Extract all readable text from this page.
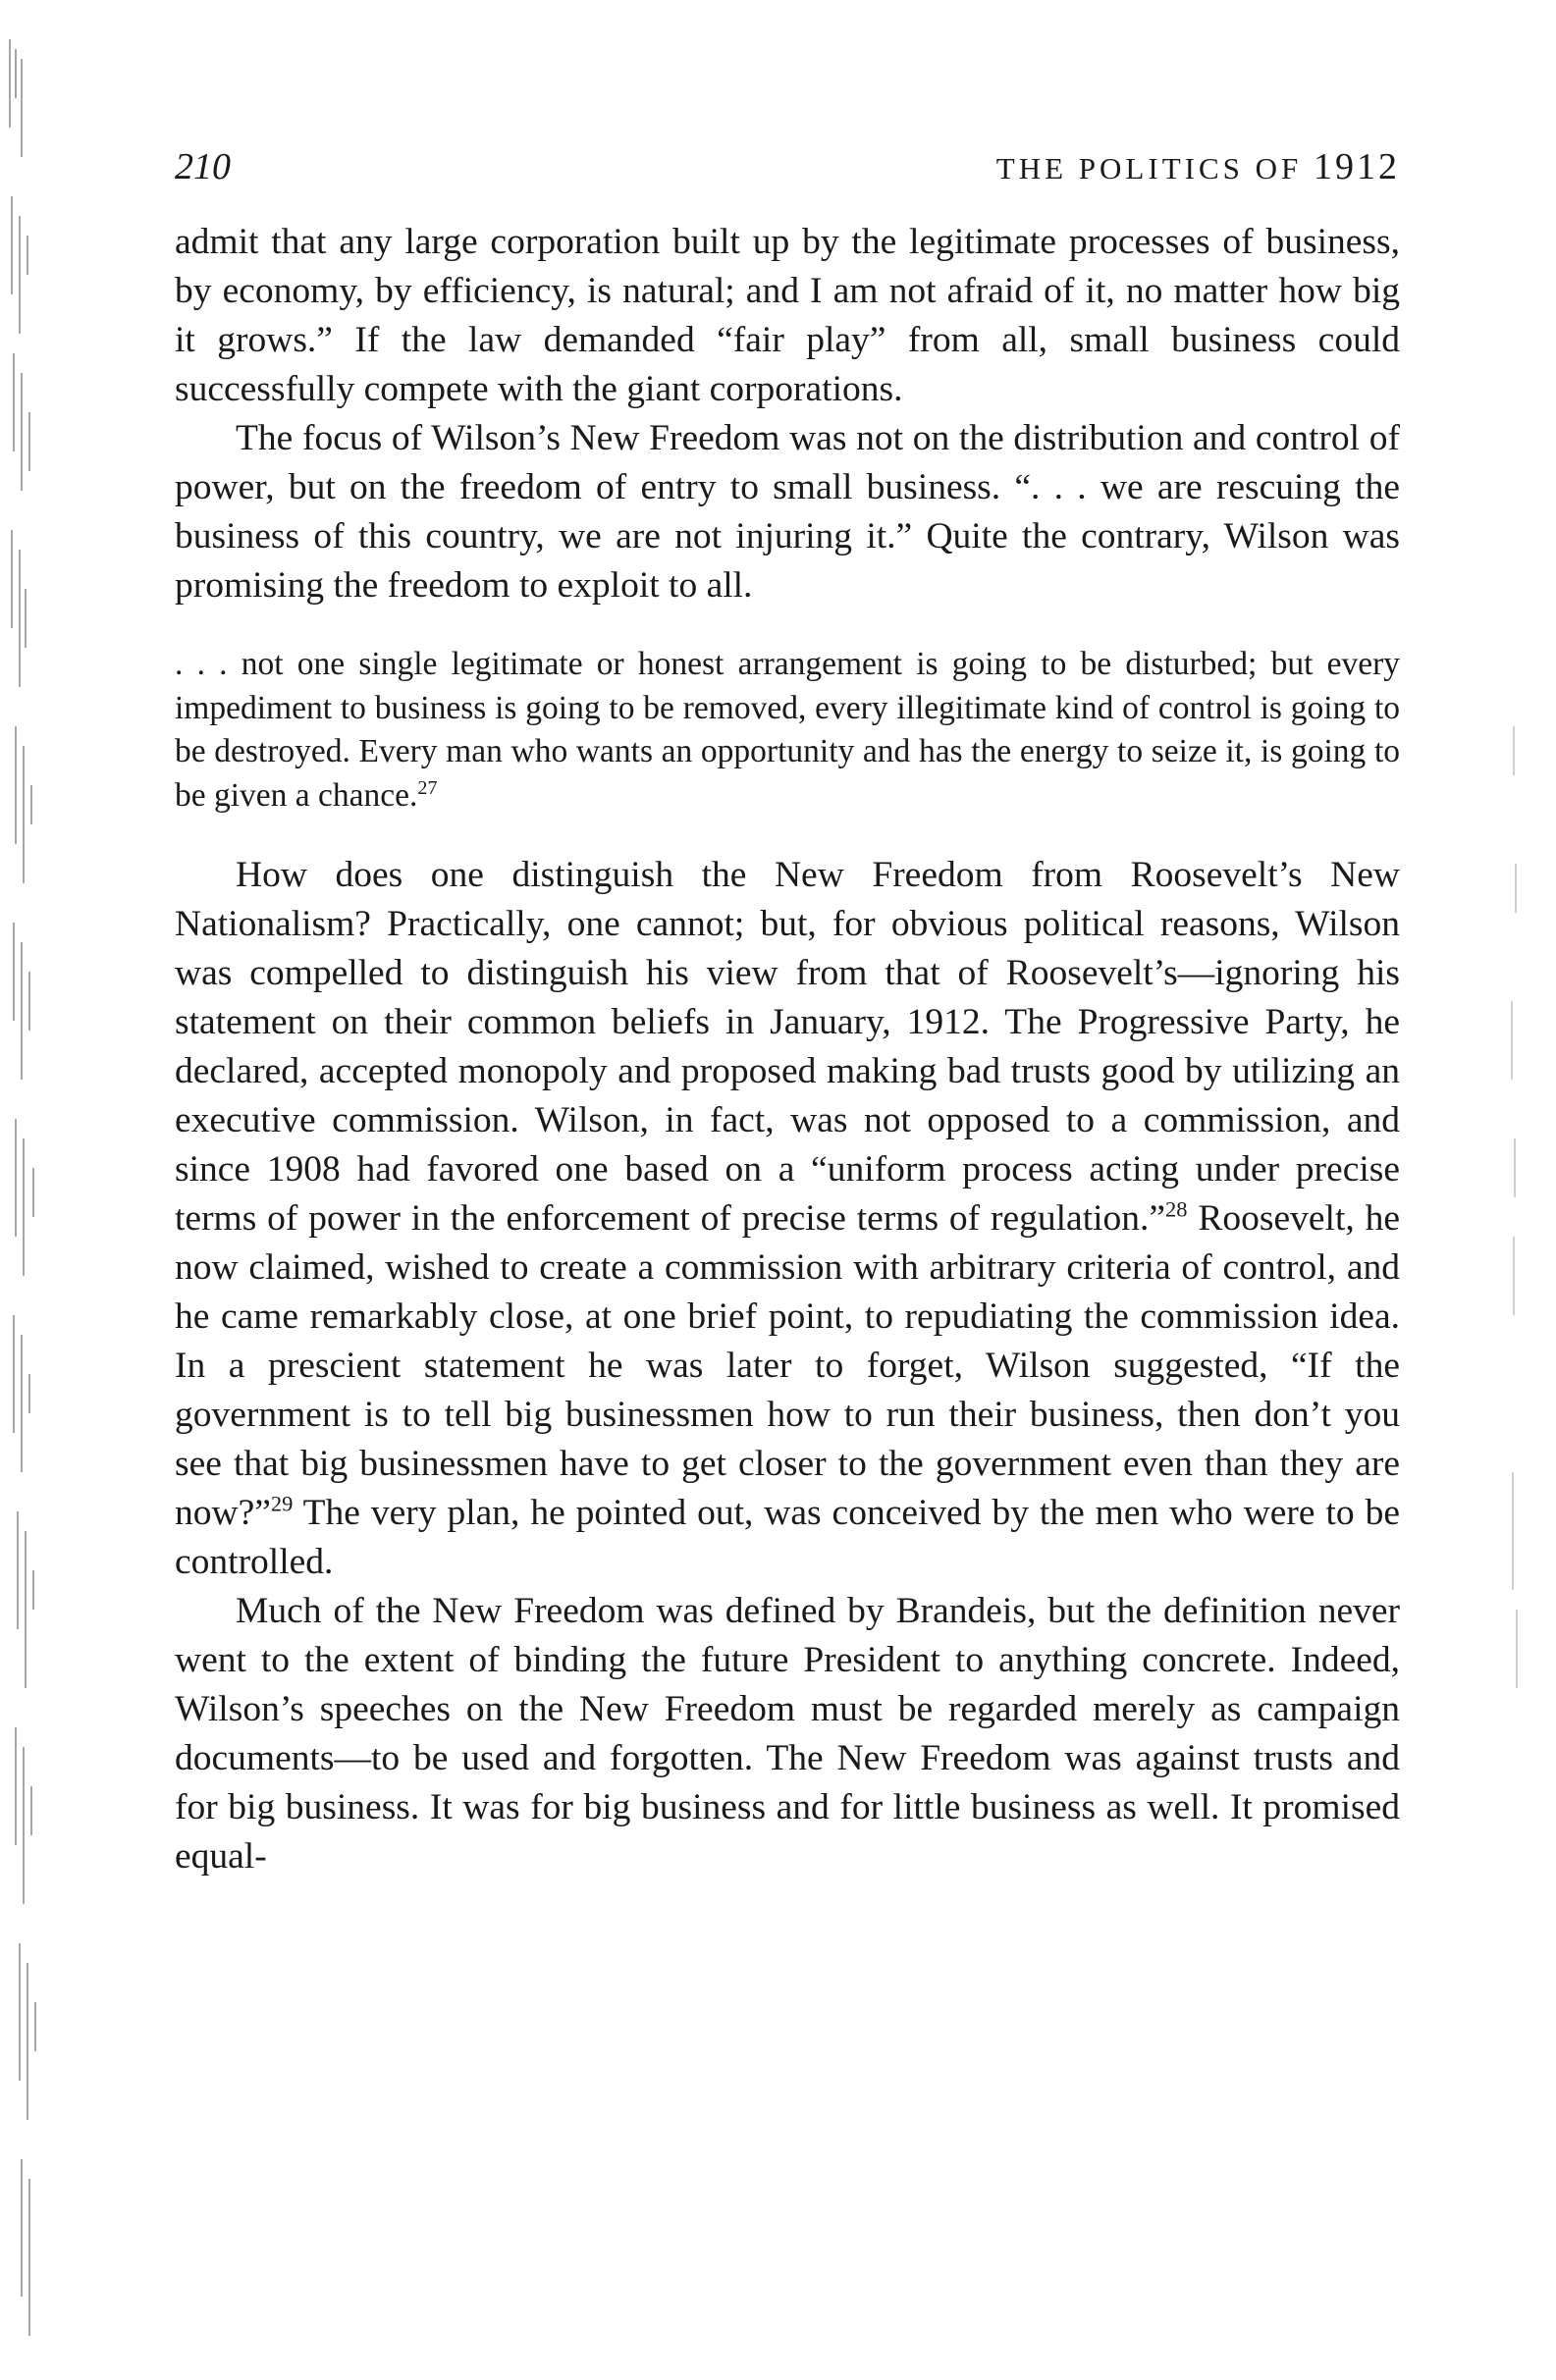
210	THE POLITICS OF 1912

admit that any large corporation built up by the legitimate processes of business, by economy, by efficiency, is natural; and I am not afraid of it, no matter how big it grows.” If the law demanded “fair play” from all, small business could successfully compete with the giant corporations.

The focus of Wilson’s New Freedom was not on the distribution and control of power, but on the freedom of entry to small business. “. . . we are rescuing the business of this country, we are not injuring it.” Quite the contrary, Wilson was promising the freedom to exploit to all.

. . . not one single legitimate or honest arrangement is going to be disturbed; but every impediment to business is going to be removed, every illegitimate kind of control is going to be destroyed. Every man who wants an opportunity and has the energy to seize it, is going to be given a chance.$^{27}$

How does one distinguish the New Freedom from Roosevelt’s New Nationalism? Practically, one cannot; but, for obvious political reasons, Wilson was compelled to distinguish his view from that of Roosevelt’s—ignoring his statement on their common beliefs in January, 1912. The Progressive Party, he declared, accepted monopoly and proposed making bad trusts good by utilizing an executive commission. Wilson, in fact, was not opposed to a commission, and since 1908 had favored one based on a “uniform process acting under precise terms of power in the enforcement of precise terms of regulation.”$^{28}$ Roosevelt, he now claimed, wished to create a commission with arbitrary criteria of control, and he came remarkably close, at one brief point, to repudiating the commission idea. In a prescient statement he was later to forget, Wilson suggested, “If the government is to tell big businessmen how to run their business, then don’t you see that big businessmen have to get closer to the government even than they are now?”$^{29}$ The very plan, he pointed out, was conceived by the men who were to be controlled.

Much of the New Freedom was defined by Brandeis, but the definition never went to the extent of binding the future President to anything concrete. Indeed, Wilson’s speeches on the New Freedom must be regarded merely as campaign documents—to be used and forgotten. The New Freedom was against trusts and for big business. It was for big business and for little business as well. It promised equal-
